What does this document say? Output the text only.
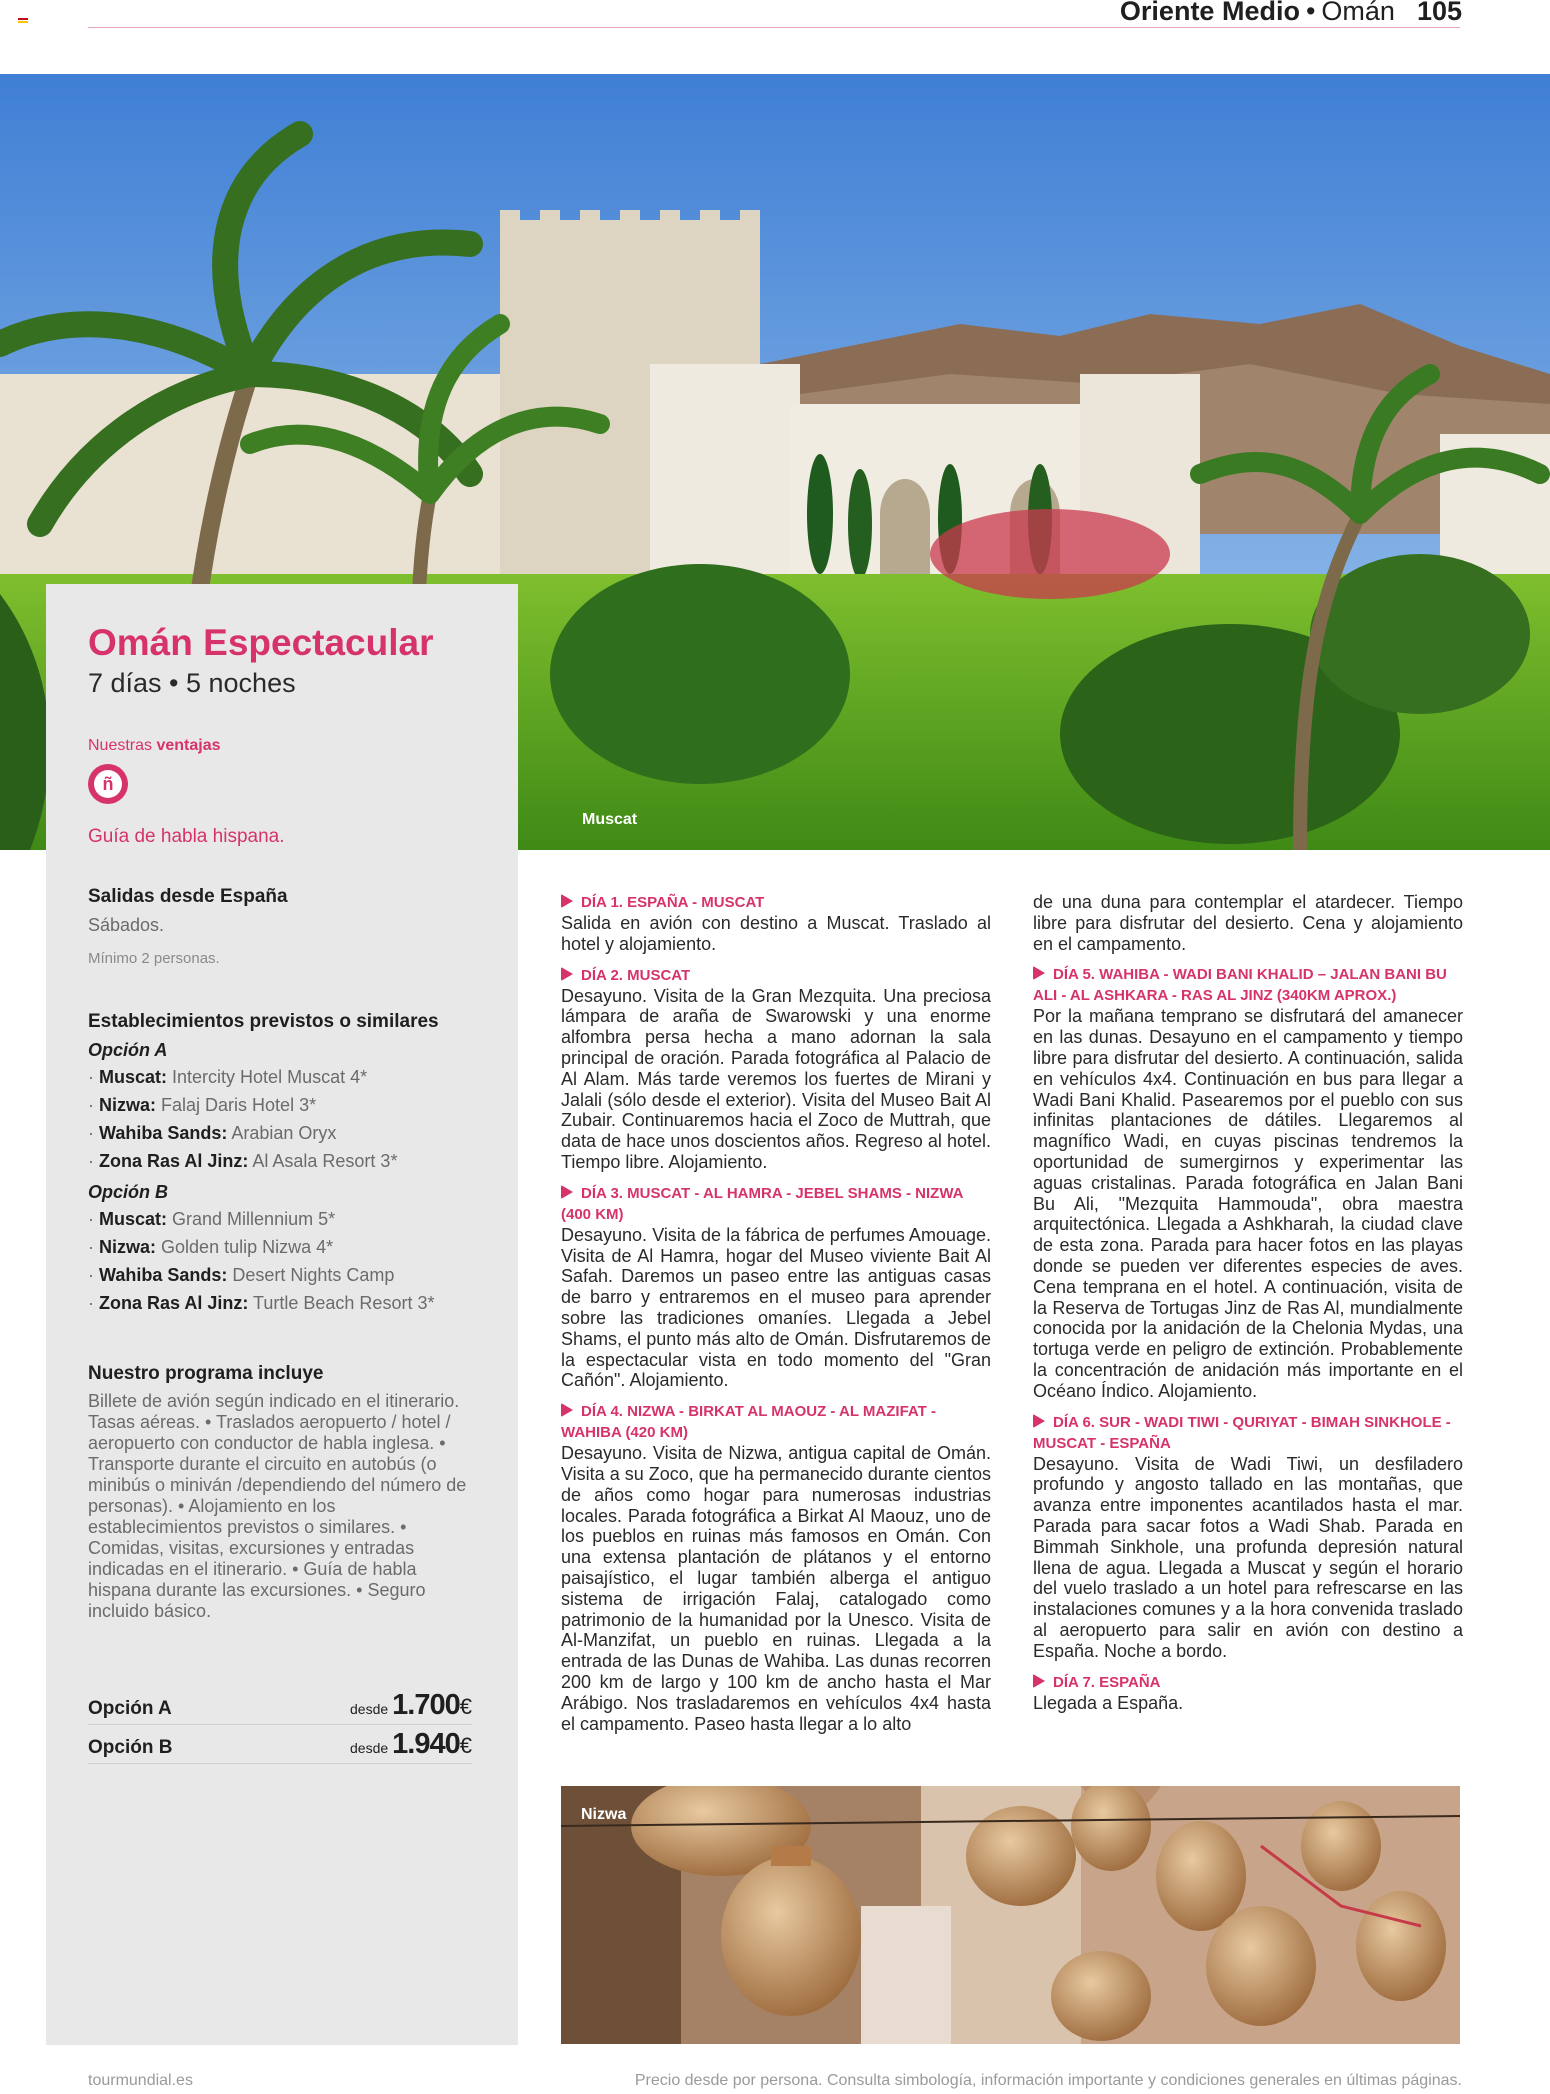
Oriente Medio • Omán 105
Muscat
Omán Espectacular
7 días • 5 noches
Nuestras ventajas
ñ
Guía de habla hispana.

Salidas desde España

Sábados.
Mínimo 2 personas.

Establecimientos previstos o similares

Opción A

· Muscat: Intercity Hotel Muscat 4*
· Nizwa: Falaj Daris Hotel 3*
· Wahiba Sands: Arabian Oryx
· Zona Ras Al Jinz: Al Asala Resort 3*

Opción B

· Muscat: Grand Millennium 5*
· Nizwa: Golden tulip Nizwa 4*
· Wahiba Sands: Desert Nights Camp
· Zona Ras Al Jinz: Turtle Beach Resort 3*

Nuestro programa incluye

Billete de avión según indicado en el itinerario. Tasas aéreas. • Traslados aeropuerto / hotel / aeropuerto con conductor de habla inglesa. • Transporte durante el circuito en autobús (o minibús o miniván /dependiendo del número de personas). • Alojamiento en los establecimientos previstos o similares. • Comidas, visitas, excursiones y entradas indicadas en el itinerario. • Guía de habla hispana durante las excursiones. • Seguro incluido básico.
Opción A	desde 1.700€
Opción B	desde 1.940€

DÍA 1. ESPAÑA - MUSCAT

Salida en avión con destino a Muscat. Traslado al hotel y alojamiento.

DÍA 2. MUSCAT

Desayuno. Visita de la Gran Mezquita. Una preciosa lámpara de araña de Swarowski y una enorme alfombra persa hecha a mano adornan la sala principal de oración. Parada fotográfica al Palacio de Al Alam. Más tarde veremos los fuertes de Mirani y Jalali (sólo desde el exterior). Visita del Museo Bait Al Zubair. Continuaremos hacia el Zoco de Muttrah, que data de hace unos doscientos años. Regreso al hotel. Tiempo libre. Alojamiento.

DÍA 3. MUSCAT - AL HAMRA - JEBEL SHAMS - NIZWA (400 KM)

Desayuno. Visita de la fábrica de perfumes Amouage. Visita de Al Hamra, hogar del Museo viviente Bait Al Safah. Daremos un paseo entre las antiguas casas de barro y entraremos en el museo para aprender sobre las tradiciones omaníes. Llegada a Jebel Shams, el punto más alto de Omán. Disfrutaremos de la espectacular vista en todo momento del "Gran Cañón". Alojamiento.

DÍA 4. NIZWA - BIRKAT AL MAOUZ - AL MAZIFAT - WAHIBA (420 KM)

Desayuno. Visita de Nizwa, antigua capital de Omán. Visita a su Zoco, que ha permanecido durante cientos de años como hogar para numerosas industrias locales. Parada fotográfica a Birkat Al Maouz, uno de los pueblos en ruinas más famosos en Omán. Con una extensa plantación de plátanos y el entorno paisajístico, el lugar también alberga el antiguo sistema de irrigación Falaj, catalogado como patrimonio de la humanidad por la Unesco. Visita de Al-Manzifat, un pueblo en ruinas. Llegada a la entrada de las Dunas de Wahiba. Las dunas recorren 200 km de largo y 100 km de ancho hasta el Mar Arábigo. Nos trasladaremos en vehículos 4x4 hasta el campamento. Paseo hasta llegar a lo alto

de una duna para contemplar el atardecer. Tiempo libre para disfrutar del desierto. Cena y alojamiento en el campamento.

DÍA 5. WAHIBA - WADI BANI KHALID – JALAN BANI BU ALI - AL ASHKARA - RAS AL JINZ (340KM APROX.)

Por la mañana temprano se disfrutará del amanecer en las dunas. Desayuno en el campamento y tiempo libre para disfrutar del desierto. A continuación, salida en vehículos 4x4. Continuación en bus para llegar a Wadi Bani Khalid. Pasearemos por el pueblo con sus infinitas plantaciones de dátiles. Llegaremos al magnífico Wadi, en cuyas piscinas tendremos la oportunidad de sumergirnos y experimentar las aguas cristalinas. Parada fotográfica en Jalan Bani Bu Ali, "Mezquita Hammouda", obra maestra arquitectónica. Llegada a Ashkharah, la ciudad clave de esta zona. Parada para hacer fotos en las playas donde se pueden ver diferentes especies de aves. Cena temprana en el hotel. A continuación, visita de la Reserva de Tortugas Jinz de Ras Al, mundialmente conocida por la anidación de la Chelonia Mydas, una tortuga verde en peligro de extinción. Probablemente la concentración de anidación más importante en el Océano Índico. Alojamiento.

DÍA 6. SUR - WADI TIWI - QURIYAT - BIMAH SINKHOLE - MUSCAT - ESPAÑA

Desayuno. Visita de Wadi Tiwi, un desfiladero profundo y angosto tallado en las montañas, que avanza entre imponentes acantilados hasta el mar. Parada para sacar fotos a Wadi Shab. Parada en Bimmah Sinkhole, una profunda depresión natural llena de agua. Llegada a Muscat y según el horario del vuelo traslado a un hotel para refrescarse en las instalaciones comunes y a la hora convenida traslado al aeropuerto para salir en avión con destino a España. Noche a bordo.

DÍA 7. ESPAÑA

Llegada a España.

Nizwa
tourmundial.es	Precio desde por persona. Consulta simbología, información importante y condiciones generales en últimas páginas.
